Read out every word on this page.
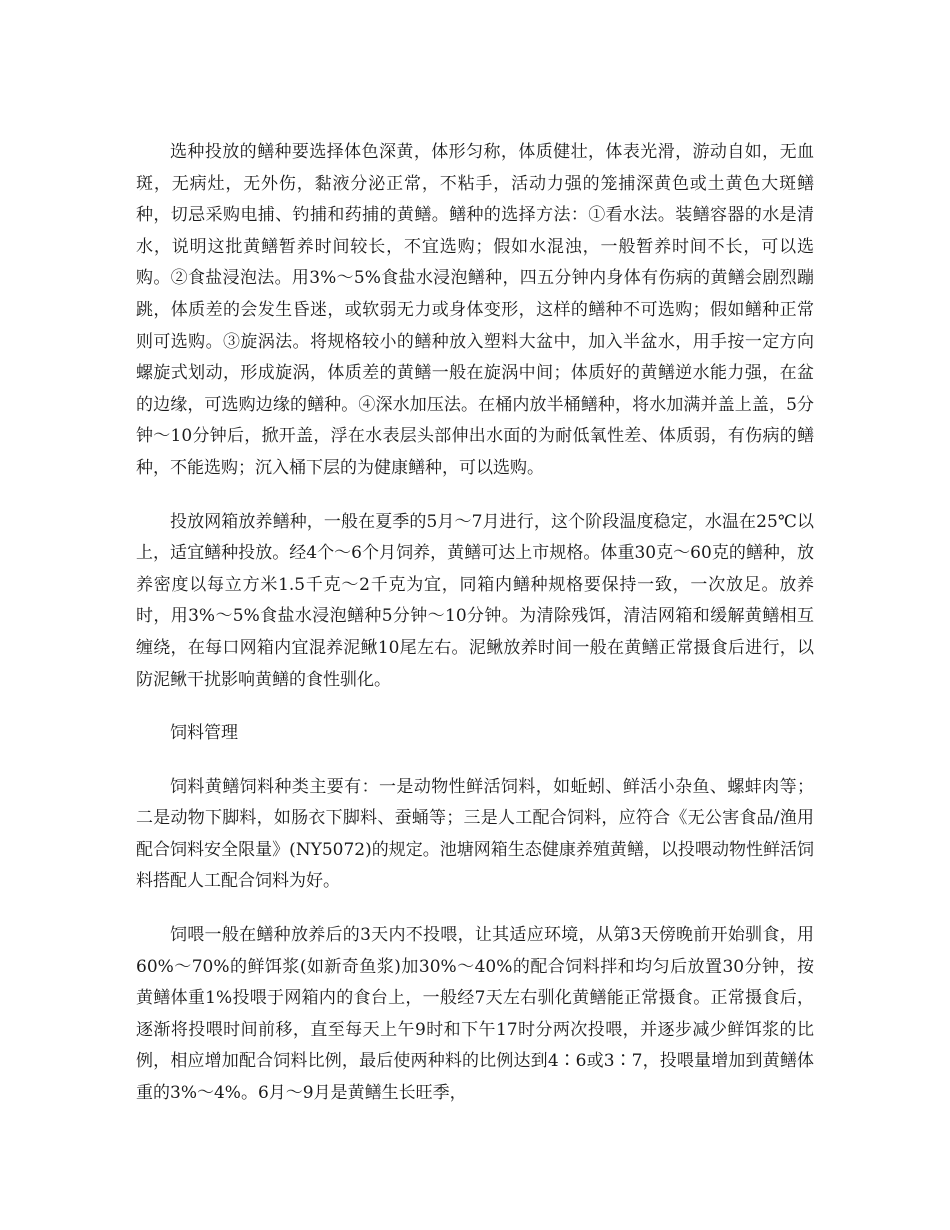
选种投放的鳝种要选择体色深黄，体形匀称，体质健壮，体表光滑，游动自如，无血斑，无病灶，无外伤，黏液分泌正常，不粘手，活动力强的笼捕深黄色或土黄色大斑鳝种，切忌采购电捕、钓捕和药捕的黄鳝。鳝种的选择方法：①看水法。装鳝容器的水是清水，说明这批黄鳝暂养时间较长，不宜选购；假如水混浊，一般暂养时间不长，可以选购。②食盐浸泡法。用3%～5%食盐水浸泡鳝种，四五分钟内身体有伤病的黄鳝会剧烈蹦跳，体质差的会发生昏迷，或软弱无力或身体变形，这样的鳝种不可选购；假如鳝种正常则可选购。③旋涡法。将规格较小的鳝种放入塑料大盆中，加入半盆水，用手按一定方向螺旋式划动，形成旋涡，体质差的黄鳝一般在旋涡中间；体质好的黄鳝逆水能力强，在盆的边缘，可选购边缘的鳝种。④深水加压法。在桶内放半桶鳝种，将水加满并盖上盖，5分钟～10分钟后，掀开盖，浮在水表层头部伸出水面的为耐低氧性差、体质弱，有伤病的鳝种，不能选购；沉入桶下层的为健康鳝种，可以选购。

投放网箱放养鳝种，一般在夏季的5月～7月进行，这个阶段温度稳定，水温在25℃以上，适宜鳝种投放。经4个～6个月饲养，黄鳝可达上市规格。体重30克～60克的鳝种，放养密度以每立方米1.5千克～2千克为宜，同箱内鳝种规格要保持一致，一次放足。放养时，用3%～5%食盐水浸泡鳝种5分钟～10分钟。为清除残饵，清洁网箱和缓解黄鳝相互缠绕，在每口网箱内宜混养泥鳅10尾左右。泥鳅放养时间一般在黄鳝正常摄食后进行，以防泥鳅干扰影响黄鳝的食性驯化。

饲料管理

饲料黄鳝饲料种类主要有：一是动物性鲜活饲料，如蚯蚓、鲜活小杂鱼、螺蚌肉等；二是动物下脚料，如肠衣下脚料、蚕蛹等；三是人工配合饲料，应符合《无公害食品/渔用配合饲料安全限量》(NY5072)的规定。池塘网箱生态健康养殖黄鳝，以投喂动物性鲜活饲料搭配人工配合饲料为好。

饲喂一般在鳝种放养后的3天内不投喂，让其适应环境，从第3天傍晚前开始驯食，用60%～70%的鲜饵浆(如新奇鱼浆)加30%～40%的配合饲料拌和均匀后放置30分钟，按黄鳝体重1%投喂于网箱内的食台上，一般经7天左右驯化黄鳝能正常摄食。正常摄食后，逐渐将投喂时间前移，直至每天上午9时和下午17时分两次投喂，并逐步减少鲜饵浆的比例，相应增加配合饲料比例，最后使两种料的比例达到4∶6或3∶7，投喂量增加到黄鳝体重的3%～4%。6月～9月是黄鳝生长旺季，
